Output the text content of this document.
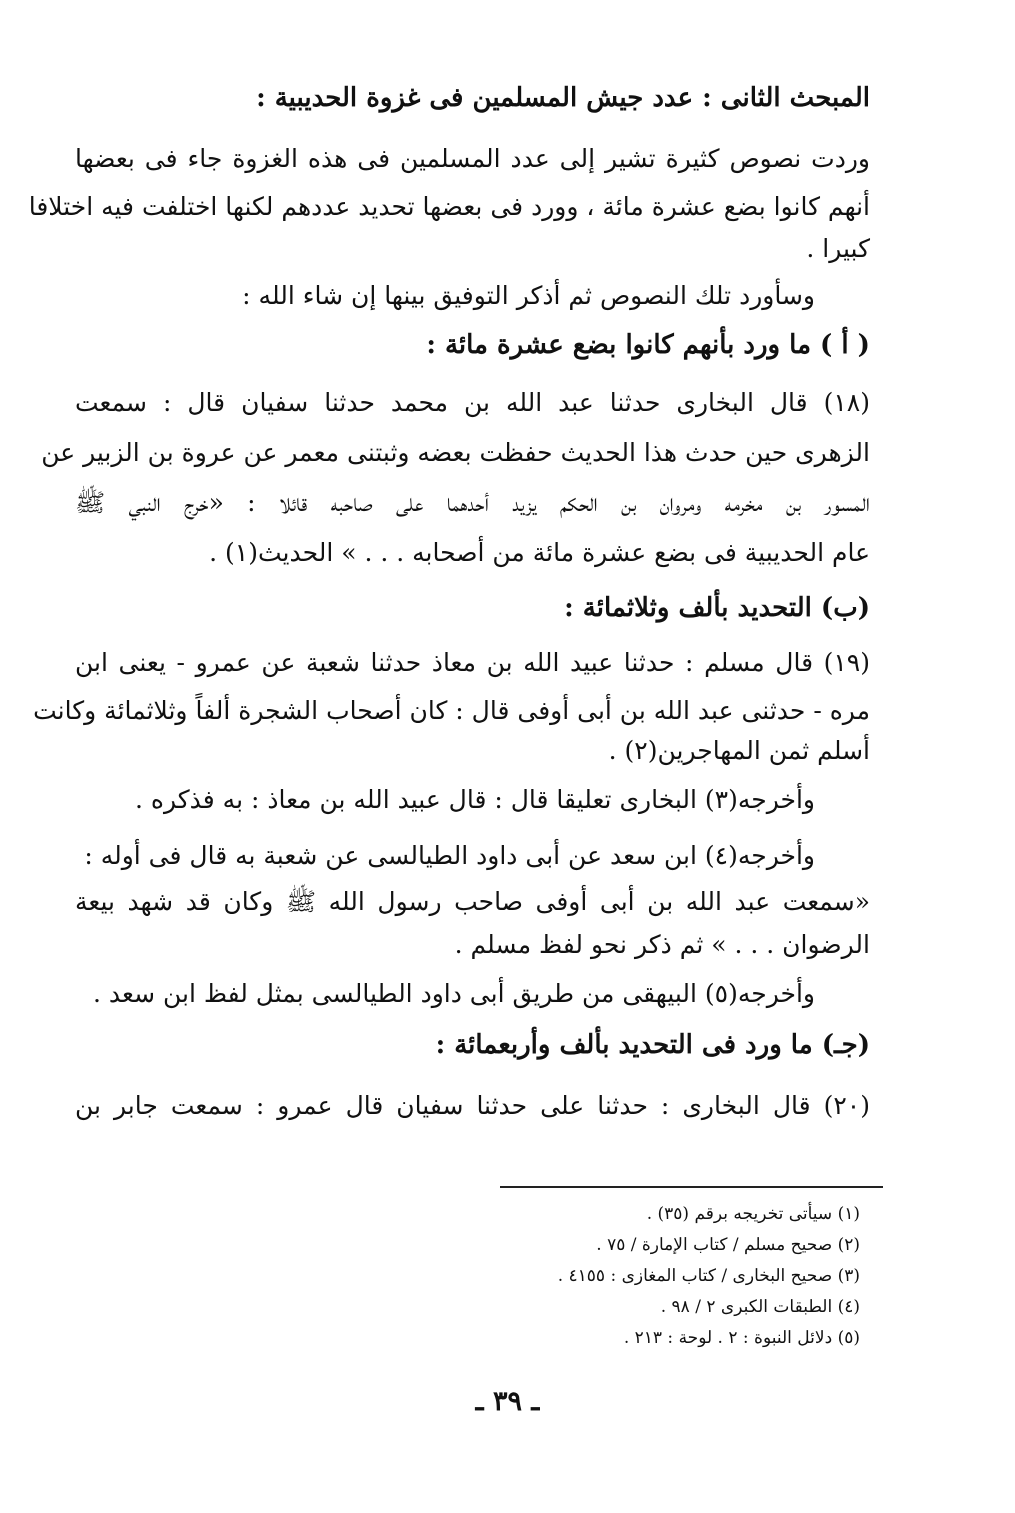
المبحث الثانى : عدد جيش المسلمين فى غزوة الحديبية :

وردت نصوص كثيرة تشير إلى عدد المسلمين فى هذه الغزوة جاء فى بعضها

أنهم كانوا بضع عشرة مائة ، وورد فى بعضها تحديد عددهم لكنها اختلفت فيه اختلافا

كبيرا .

وسأورد تلك النصوص ثم أذكر التوفيق بينها إن شاء الله :

( أ ) ما ورد بأنهم كانوا بضع عشرة مائة :

(١٨) قال البخارى حدثنا عبد الله بن محمد حدثنا سفيان قال : سمعت

الزهرى حين حدث هذا الحديث حفظت بعضه وثبتنى معمر عن عروة بن الزبير عن

المسور بن مخرمه ومروان بن الحكم يزيد أحدهما على صاحبه قائلا : «خرج النبي ﷺ

عام الحديبية فى بضع عشرة مائة من أصحابه . . . » الحديث(١) .

(ب) التحديد بألف وثلاثمائة :

(١٩) قال مسلم : حدثنا عبيد الله بن معاذ حدثنا شعبة عن عمرو - يعنى ابن

مره - حدثنى عبد الله بن أبى أوفى قال : كان أصحاب الشجرة ألفاً وثلاثمائة وكانت

أسلم ثمن المهاجرين(٢) .

وأخرجه(٣) البخارى تعليقا قال : قال عبيد الله بن معاذ : به فذكره .

وأخرجه(٤) ابن سعد عن أبى داود الطيالسى عن شعبة به قال فى أوله :

«سمعت عبد الله بن أبى أوفى صاحب رسول الله ﷺ وكان قد شهد بيعة

الرضوان . . . » ثم ذكر نحو لفظ مسلم .

وأخرجه(٥) البيهقى من طريق أبى داود الطيالسى بمثل لفظ ابن سعد .

(جـ) ما ورد فى التحديد بألف وأربعمائة :

(٢٠) قال البخارى : حدثنا على حدثنا سفيان قال عمرو : سمعت جابر بن

(١) سيأتى تخريجه برقم (٣٥) .
(٢) صحيح مسلم / كتاب الإمارة / ٧٥ .
(٣) صحيح البخارى / كتاب المغازى : ٤١٥٥ .
(٤) الطبقات الكبرى ٢ / ٩٨ .
(٥) دلائل النبوة : ٢ . لوحة : ٢١٣ .
ـ ٣٩ ـ
